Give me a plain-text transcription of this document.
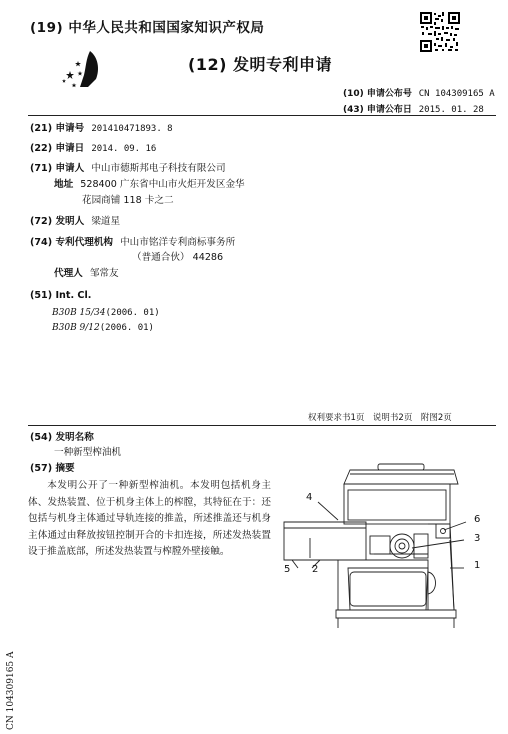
(19) 中华人民共和国国家知识产权局
(12) 发明专利申请
(10) 申请公布号 CN 104309165 A
(43) 申请公布日 2015. 01. 28
(21) 申请号 201410471893. 8
(22) 申请日 2014. 09. 16
(71) 申请人 中山市德斯邦电子科技有限公司
地址 528400 广东省中山市火炬开发区金华
花园商铺 118 卡之二
(72) 发明人 梁道星
(74) 专利代理机构 中山市铭洋专利商标事务所
（普通合伙） 44286
代理人 邹常友
(51) Int. Cl.
B30B 15/34(2006. 01)
B30B 9/12(2006. 01)
权利要求书1页　说明书2页　附图2页
(54) 发明名称
一种新型榨油机
(57) 摘要
本发明公开了一种新型榨油机。本发明包括机身主体、发热装置、位于机身主体上的榨膛，其特征在于：还包括与机身主体通过导轨连接的推盖，所述推盖还与机身主体通过由释放按钮控制开合的卡扣连接，所述发热装置设于推盖底部，所述发热装置与榨膛外壁接触。
4
6
3
5 2	1
CN 104309165 A
